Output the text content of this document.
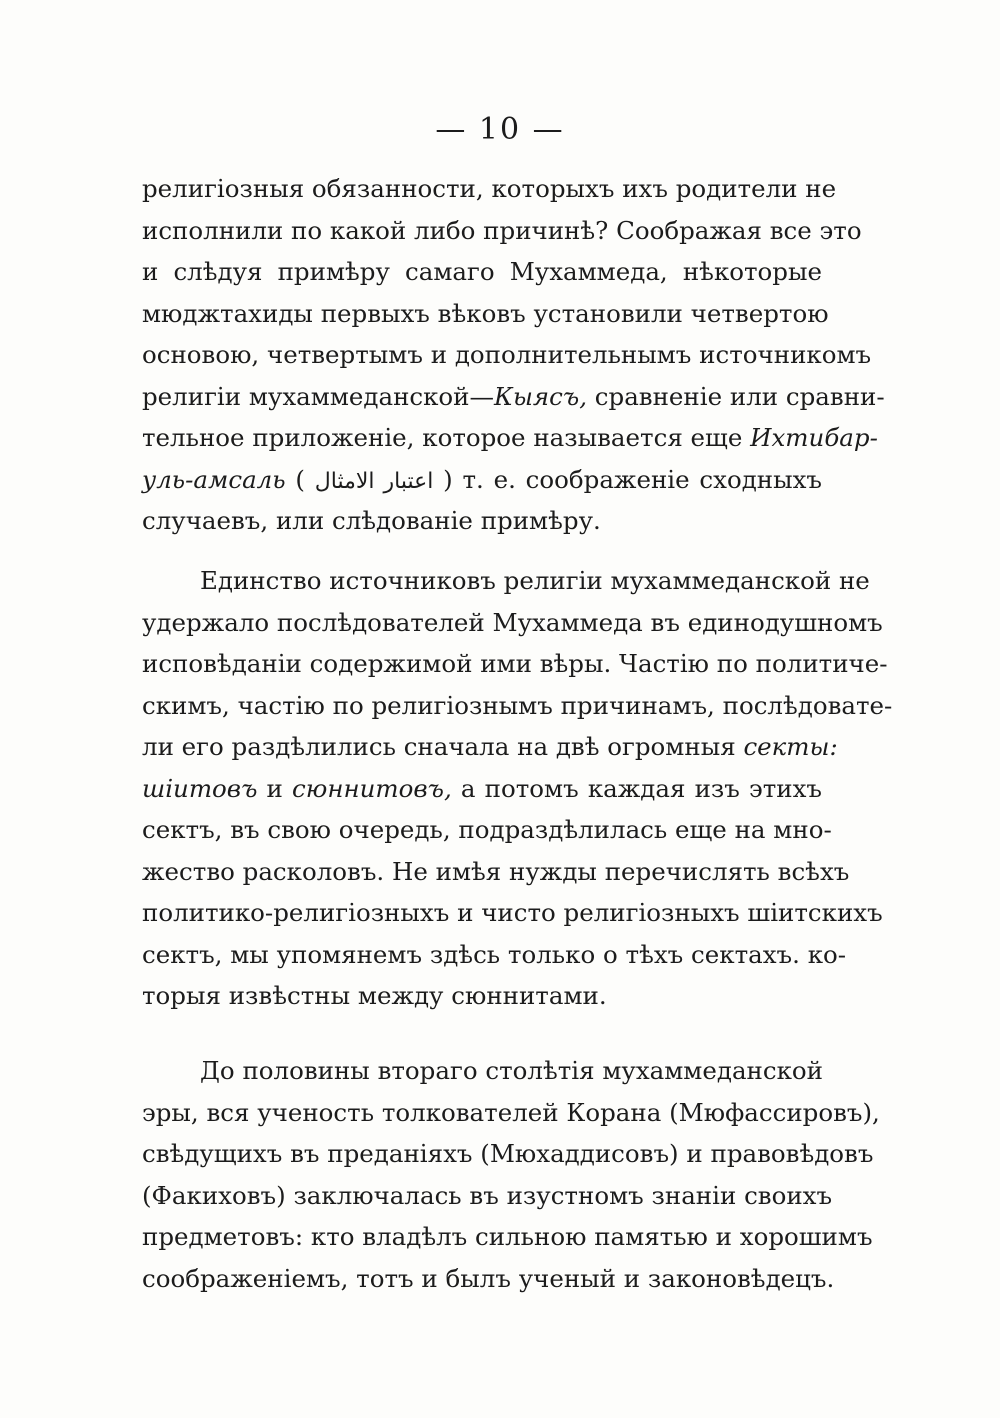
— 10 —
религіозныя обязанности, которыхъ ихъ родители не
исполнили по какой либо причинѣ? Соображая все это
и слѣдуя примѣру самаго Мухаммеда, нѣкоторые
мюджтахиды первыхъ вѣковъ установили четвертою
основою, четвертымъ и дополнительнымъ источникомъ
религіи мухаммеданской—Кыясъ, сравненіе или сравни-
тельное приложеніе, которое называется еще Ихтибар-
уль-амсаль ( اعتبار الامثال ) т. е. соображеніе сходныхъ
случаевъ, или слѣдованіе примѣру.
Единство источниковъ религіи мухаммеданской не
удержало послѣдователей Мухаммеда въ единодушномъ
исповѣданіи содержимой ими вѣры. Частію по политиче-
скимъ, частію по религіознымъ причинамъ, послѣдовате-
ли его раздѣлились сначала на двѣ огромныя секты:
шіитовъ и сюннитовъ, а потомъ каждая изъ этихъ
сектъ, въ свою очередь, подраздѣлилась еще на мно-
жество расколовъ. Не имѣя нужды перечислять всѣхъ
политико-религіозныхъ и чисто религіозныхъ шіитскихъ
сектъ, мы упомянемъ здѣсь только о тѣхъ сектахъ. ко-
торыя извѣстны между сюннитами.
До половины втораго столѣтія мухаммеданской
эры, вся ученость толкователей Корана (Мюфассировъ),
свѣдущихъ въ преданіяхъ (Мюхаддисовъ) и правовѣдовъ
(Факиховъ) заключалась въ изустномъ знаніи своихъ
предметовъ: кто владѣлъ сильною памятью и хорошимъ
соображеніемъ, тотъ и былъ ученый и законовѣдецъ.
